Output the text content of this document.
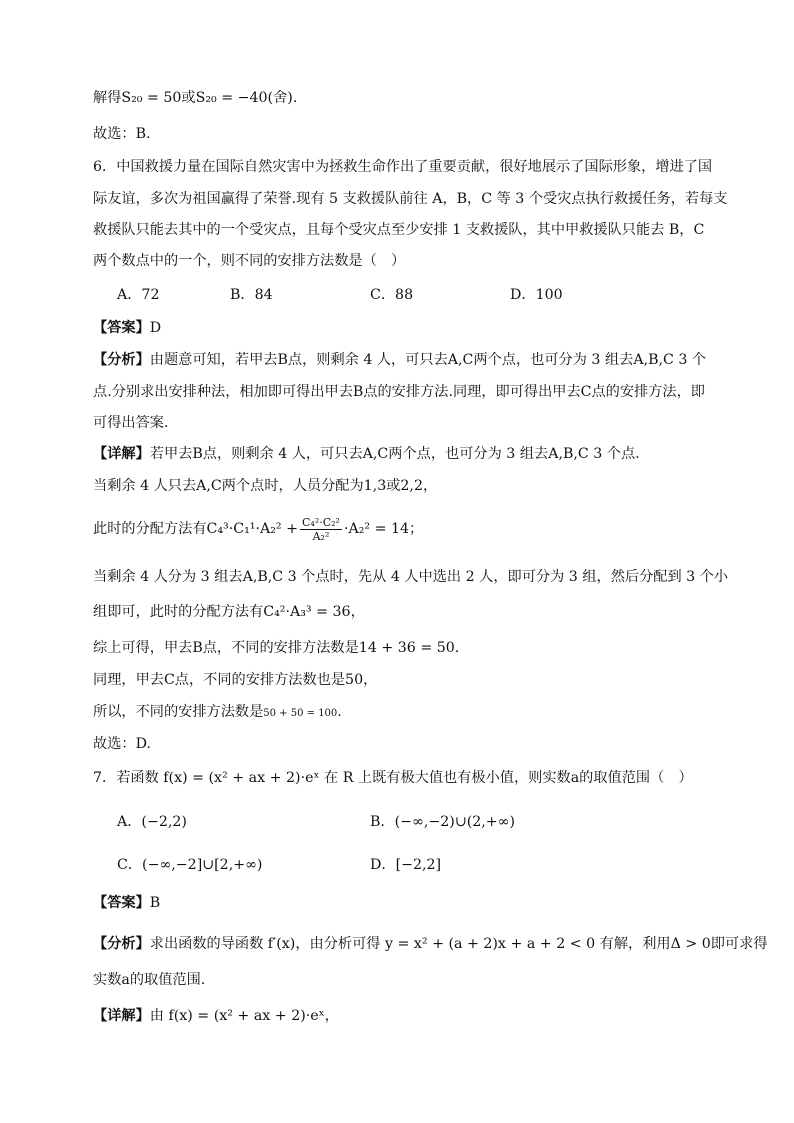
解得S₂₀ = 50或S₂₀ = −40(舍).
故选：B.
6．中国救援力量在国际自然灾害中为拯救生命作出了重要贡献，很好地展示了国际形象，增进了国
际友谊，多次为祖国赢得了荣誉.现有 5 支救援队前往 A，B，C 等 3 个受灾点执行救援任务，若每支
救援队只能去其中的一个受灾点，且每个受灾点至少安排 1 支救援队，其中甲救援队只能去 B，C
两个数点中的一个，则不同的安排方法数是（　）
A．72	B．84	C．88	D．100
【答案】D
【分析】由题意可知，若甲去B点，则剩余 4 人，可只去A,C两个点，也可分为 3 组去A,B,C 3 个
点.分别求出安排种法，相加即可得出甲去B点的安排方法.同理，即可得出甲去C点的安排方法，即
可得出答案.
【详解】若甲去B点，则剩余 4 人，可只去A,C两个点，也可分为 3 组去A,B,C 3 个点.
当剩余 4 人只去A,C两个点时，人员分配为1,3或2,2，
此时的分配方法有$C_4^3\cdot C_1^1\cdot A_2^2 + \frac{\text{C₄²·C₂²}}{\text{A₂²}} \cdot A_2^2 = 14$；
当剩余 4 人分为 3 组去A,B,C 3 个点时，先从 4 人中选出 2 人，即可分为 3 组，然后分配到 3 个小
组即可，此时的分配方法有C₄²·A₃³ = 36，
综上可得，甲去B点，不同的安排方法数是14 + 36 = 50.
同理，甲去C点，不同的安排方法数也是50，
所以，不同的安排方法数是50 + 50 = 100.
故选：D.
7．若函数 f(x) = (x² + ax + 2)·eˣ 在 R 上既有极大值也有极小值，则实数a的取值范围（　）
A．(−2,2)	B．(−∞,−2)∪(2,+∞)
C．(−∞,−2]∪[2,+∞)	D．[−2,2]
【答案】B
【分析】求出函数的导函数 f′(x)，由分析可得 y = x² + (a + 2)x + a + 2 < 0 有解，利用Δ > 0即可求得
实数a的取值范围.
【详解】由 f(x) = (x² + ax + 2)·eˣ，
